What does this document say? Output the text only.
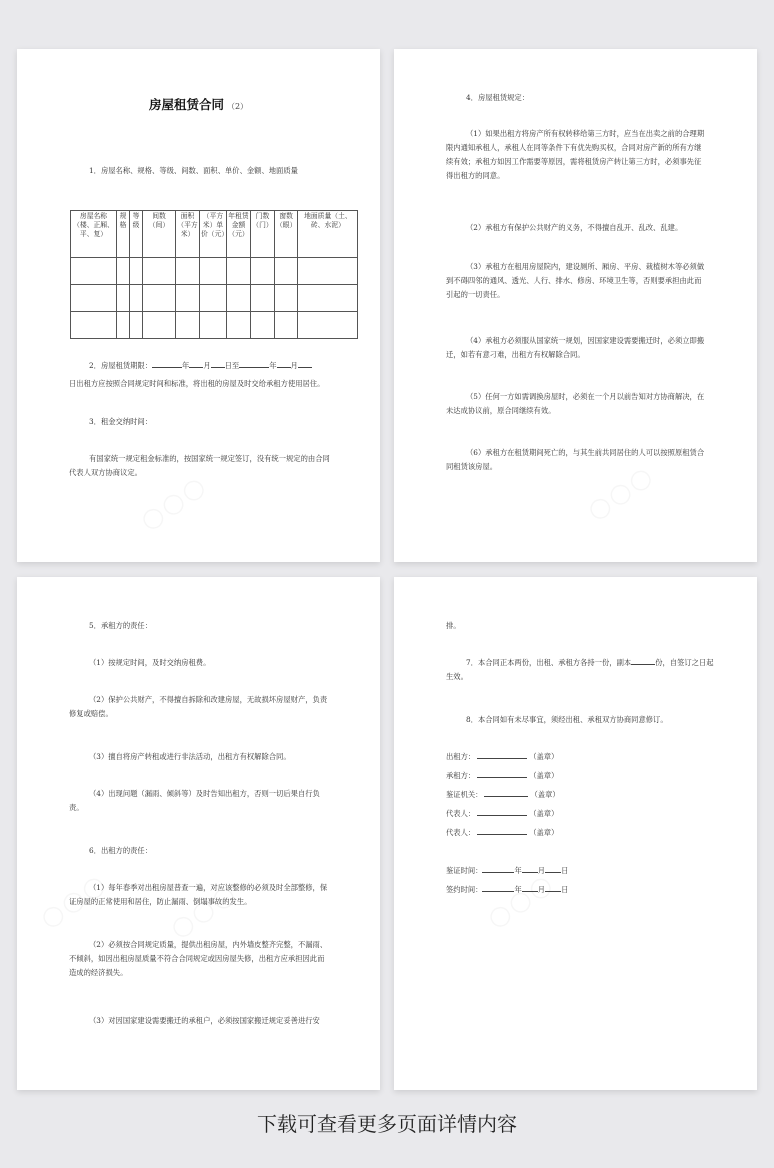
房屋租赁合同 （2）
1．房屋名称、规格、等级、间数、面积、单价、金额、地面质量
房屋名称（楼、正厢、平、复）	规格	等级	间数（间）	面积（平方米）	（平方米）单价（元）	年租赁金额（元）	门数（门）	窗数（眼）	地面质量（土、砖、水泥）

2．房屋租赁期限：	年 月 日至	年 月
日出租方应按照合同规定时间和标准，将出租的房屋及时交给承租方使用居住。
3．租金交纳时间：
有国家统一规定租金标准的，按国家统一规定签订，没有统一规定的由合同代表人双方协商议定。
4．房屋租赁规定：
（1）如果出租方将房产所有权转移给第三方时，应当在出卖之前的合理期限内通知承租人，承租人在同等条件下有优先购买权，合同对房产新的所有方继续有效；承租方如因工作需要等原因，需将租赁房产转让第三方时，必须事先征得出租方的同意。
（2）承租方有保护公共财产的义务，不得擅自乱开、乱改、乱建。
（3）承租方在租用房屋院内，建设厕所、厢房、平房、栽植树木等必须做到不碍四邻的通风、透光、人行、排水、修房、环境卫生等，否则要承担由此而引起的一切责任。
（4）承租方必须服从国家统一规划，因国家建设需要搬迁时，必须立即搬迁，如若有意刁难，出租方有权解除合同。
（5）任何一方如需调换房屋时，必须在一个月以前告知对方协商解决，在未达成协议前，原合同继续有效。
（6）承租方在租赁期间死亡的，与其生前共同居住的人可以按照原租赁合同租赁该房屋。
5．承租方的责任：
（1）按规定时间，及时交纳房租费。
（2）保护公共财产，不得擅自拆除和改建房屋，无故损坏房屋财产，负责修复或赔偿。
（3）擅自将房产转租或进行非法活动，出租方有权解除合同。
（4）出现问题（漏雨、倾斜等）及时告知出租方，否则一切后果自行负责。
6．出租方的责任：
（1）每年春季对出租房屋普查一遍，对应该整修的必须及时全部整修，保证房屋的正常使用和居住，防止漏雨、倒塌事故的发生。
（2）必须按合同规定质量，提供出租房屋，内外墙皮整齐完整，不漏雨、不倾斜，如因出租房屋质量不符合合同规定或因房屋失修，出租方应承担因此而造成的经济损失。
（3）对因国家建设需要搬迁的承租户，必须按国家搬迁规定妥善进行安
排。
7．本合同正本两份，出租、承租方各持一份，副本	份，自签订之日起生效。
8．本合同如有未尽事宜，须经出租、承租双方协商同意修订。
出租方：	（盖章）
承租方：	（盖章）
鉴证机关：	（盖章）
代表人：	（盖章）
代表人：	（盖章）
鉴证时间：	年 月 日
签约时间：	年 月 日
下载可查看更多页面详情内容
